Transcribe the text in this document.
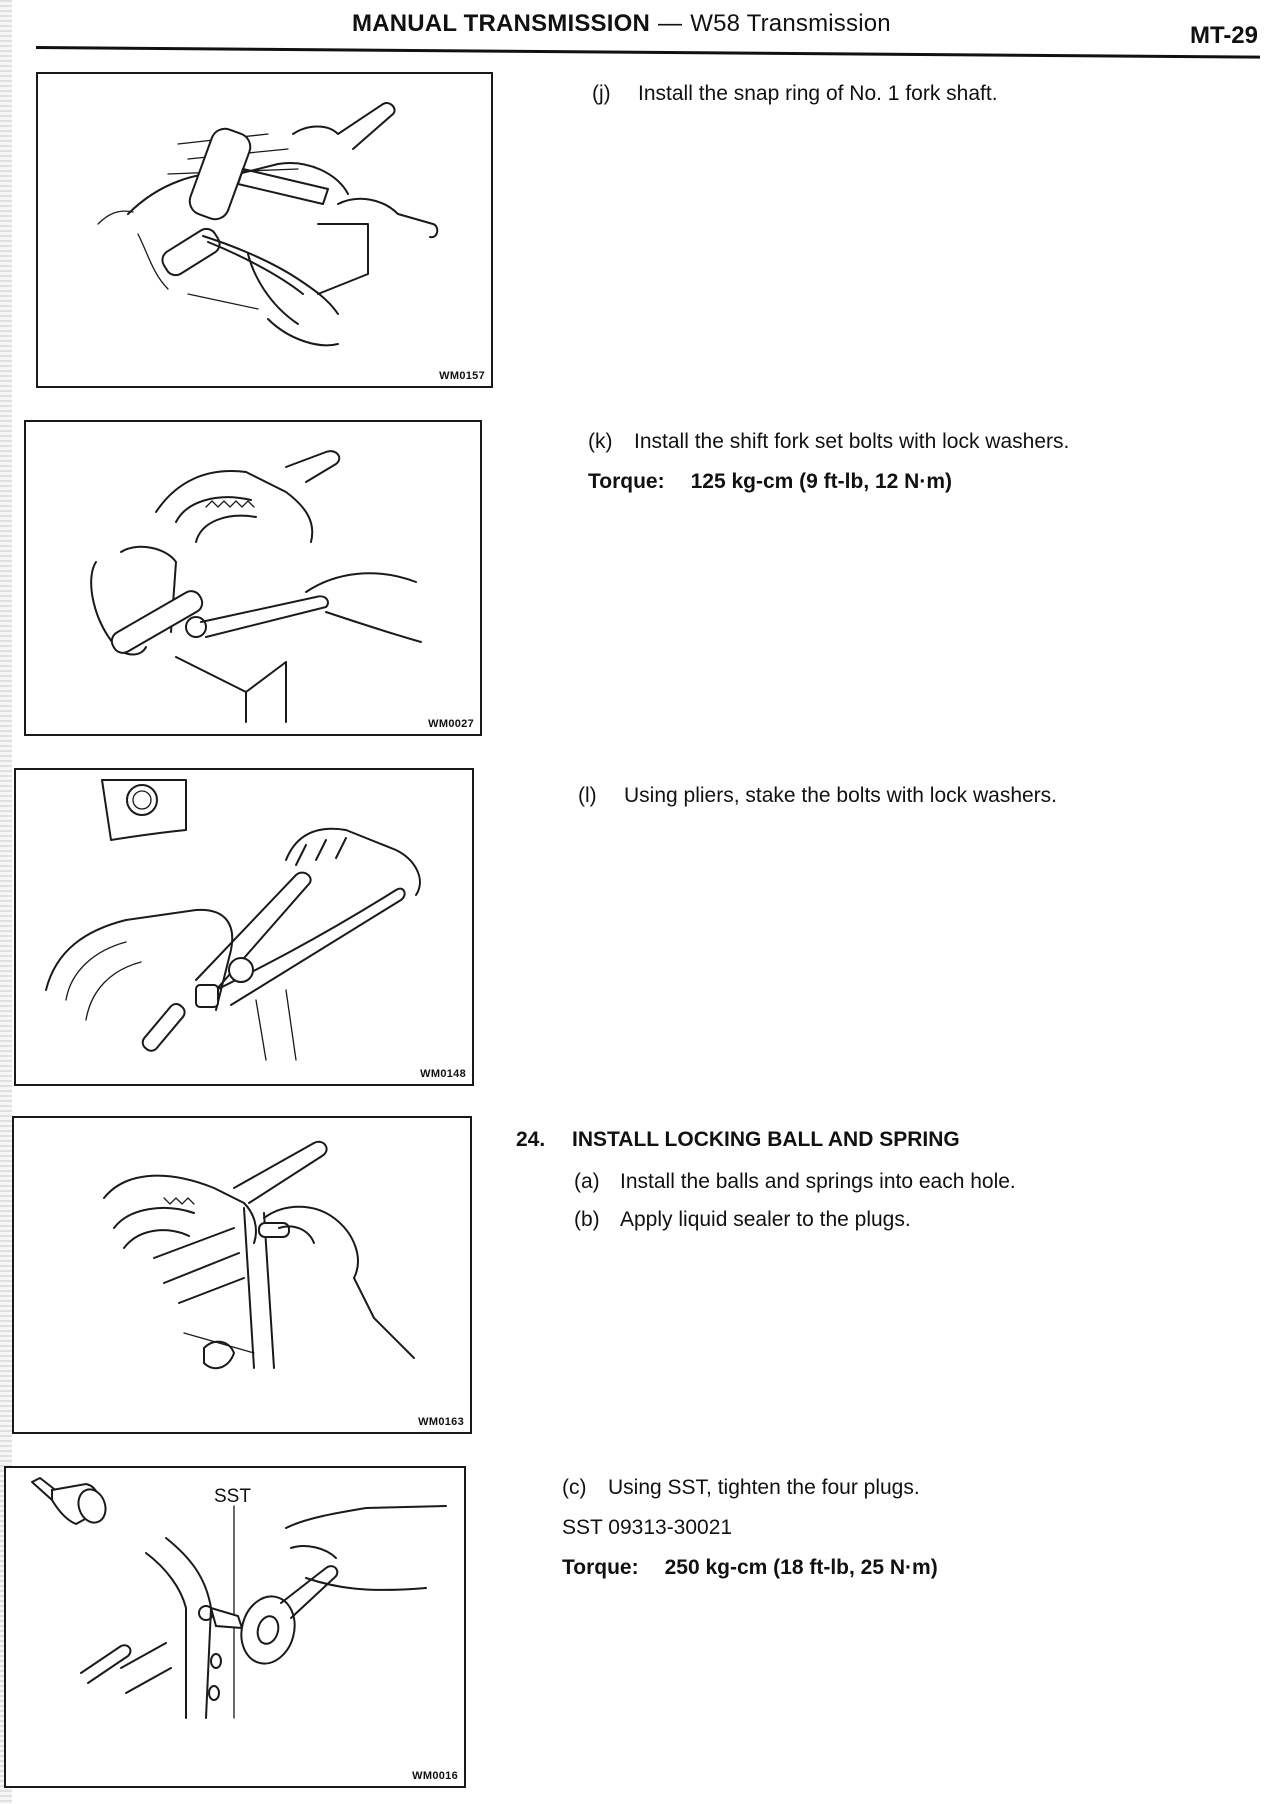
MANUAL TRANSMISSION — W58 Transmission	MT-29
WM0157
WM0027
WM0148
WM0163
SST
WM0016
(j) Install the snap ring of No. 1 fork shaft.
(k) Install the shift fork set bolts with lock washers.
Torque: 125 kg-cm (9 ft-lb, 12 N·m)
(l) Using pliers, stake the bolts with lock washers.
24. INSTALL LOCKING BALL AND SPRING
(a) Install the balls and springs into each hole.
(b) Apply liquid sealer to the plugs.
(c) Using SST, tighten the four plugs.
SST 09313-30021
Torque: 250 kg-cm (18 ft-lb, 25 N·m)
